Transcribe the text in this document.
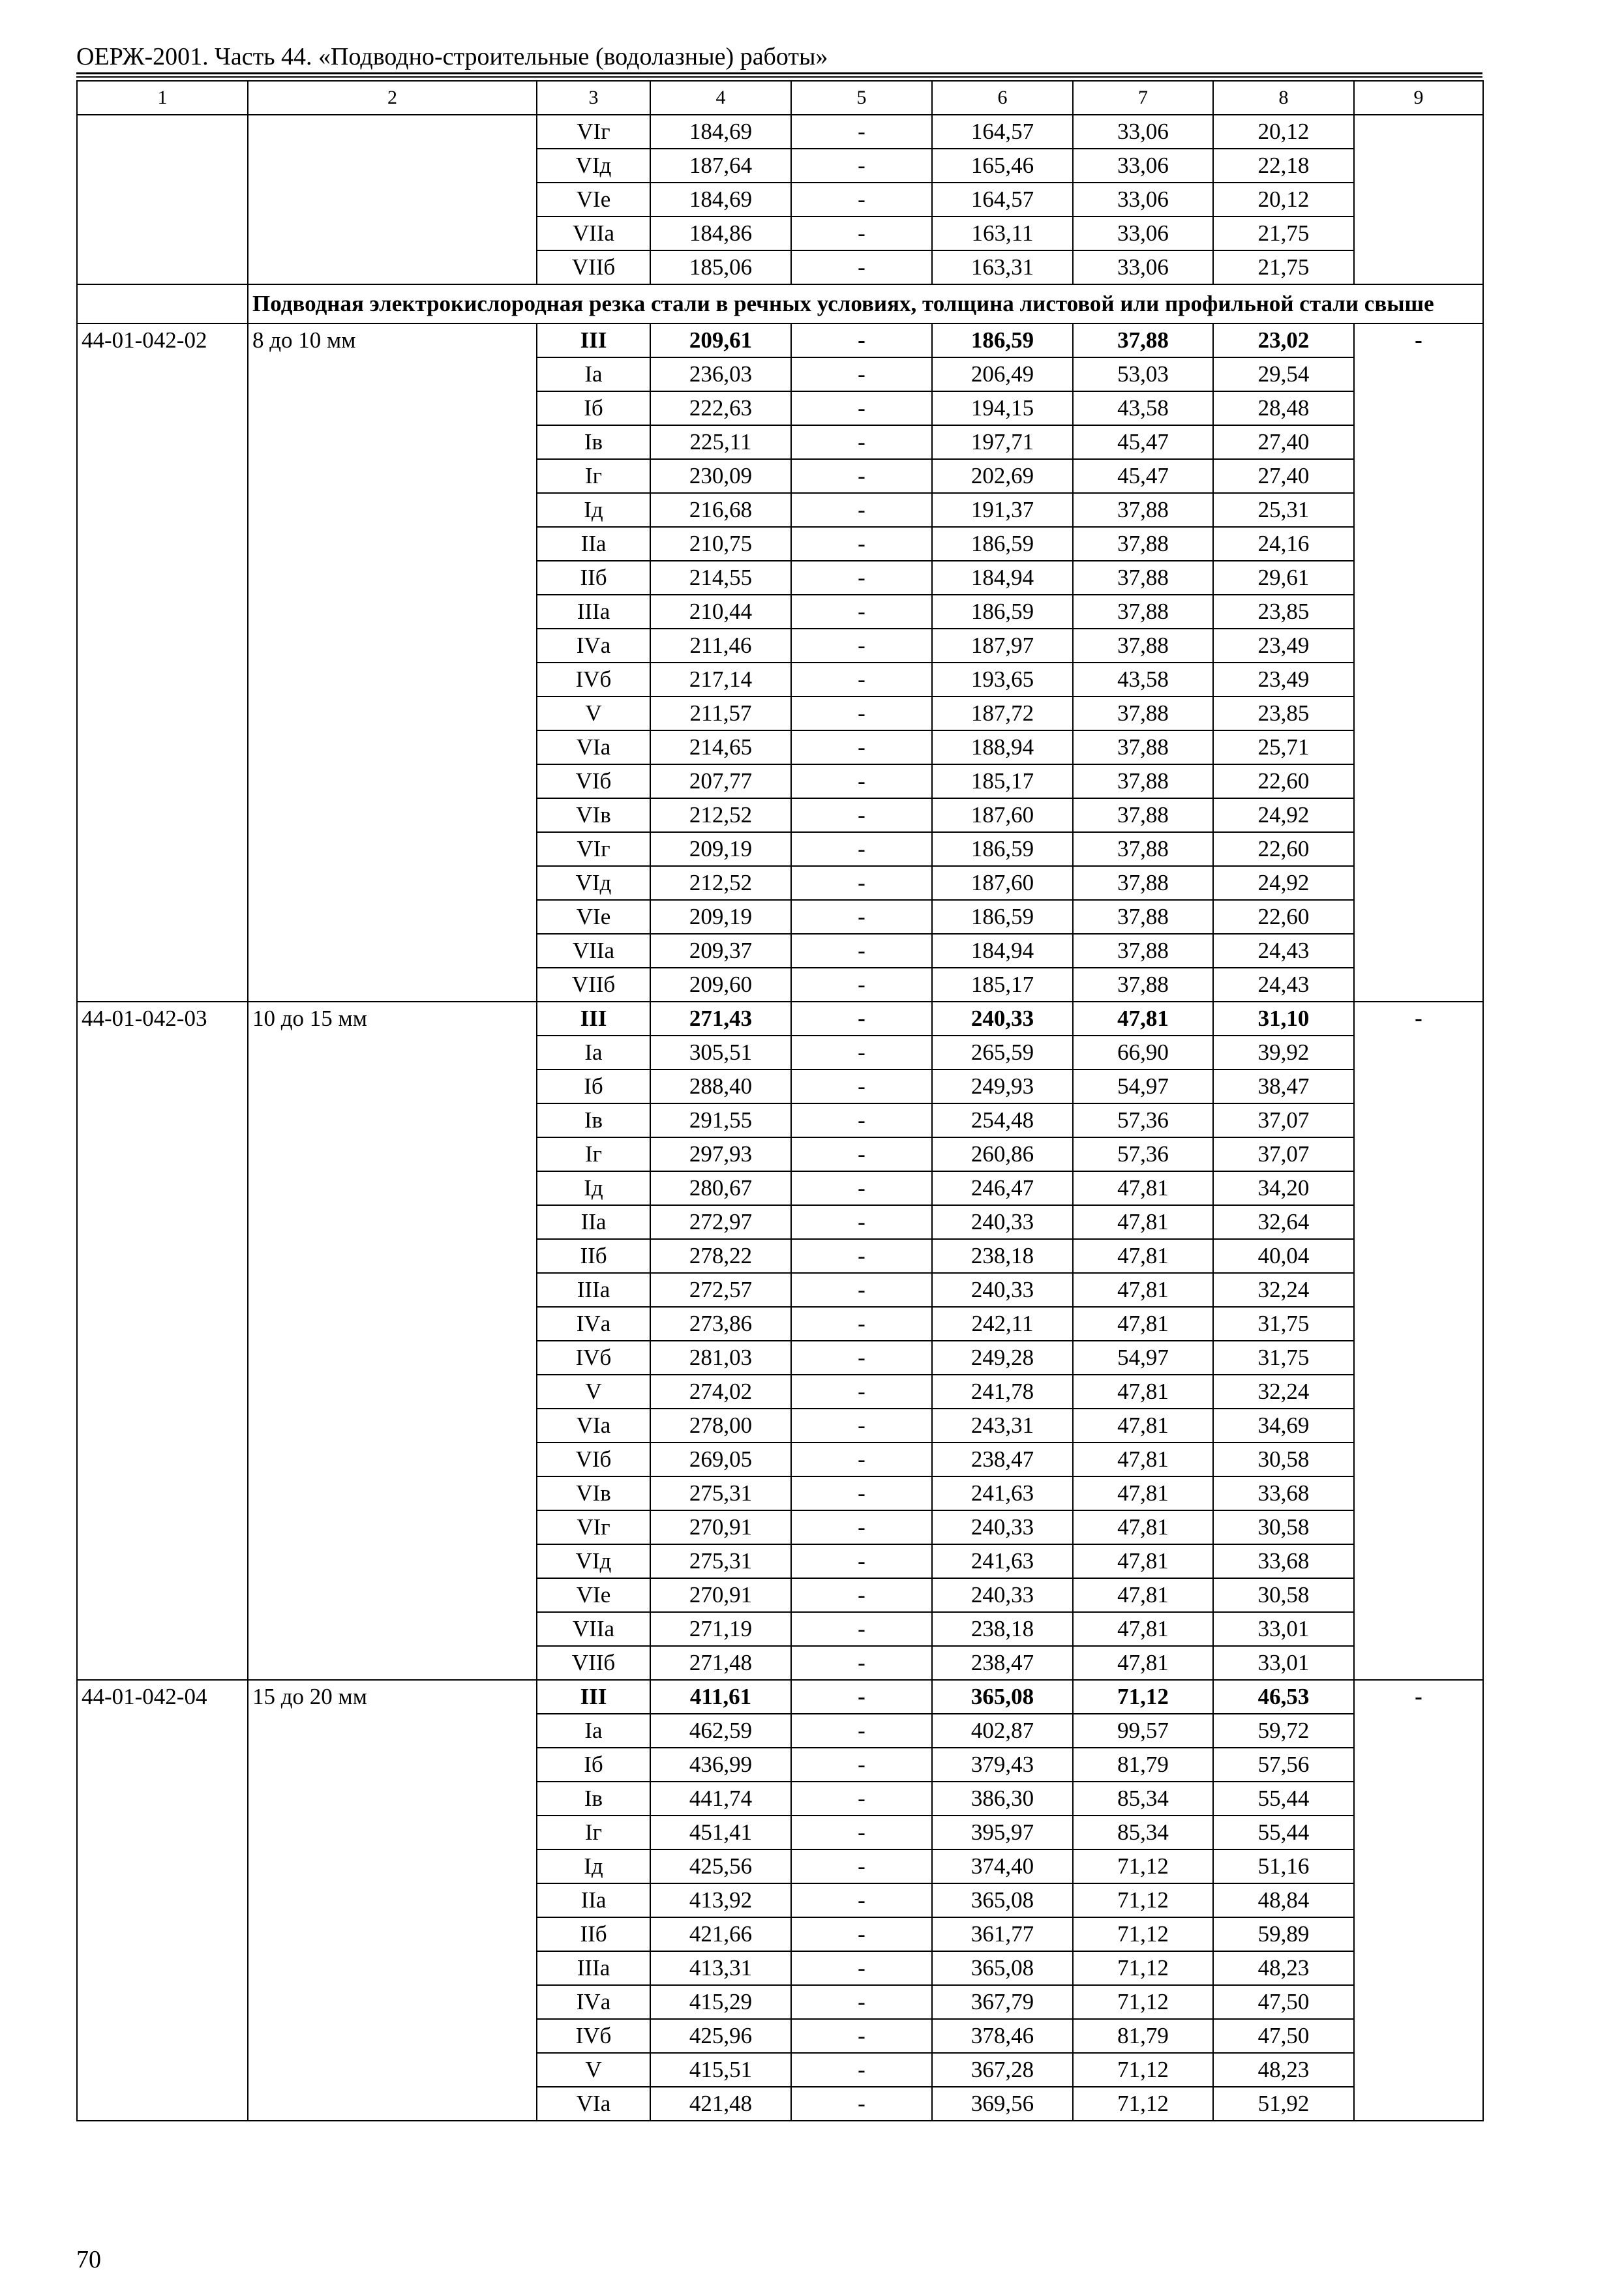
ОЕРЖ-2001. Часть 44. «Подводно-строительные (водолазные) работы»
1	2	3	4	5	6	7	8	9
		VIг	184,69	-	164,57	33,06	20,12	
		VIд	187,64	-	165,46	33,06	22,18	
		VIе	184,69	-	164,57	33,06	20,12	
		VIIа	184,86	-	163,11	33,06	21,75	
		VIIб	185,06	-	163,31	33,06	21,75	
	Подводная электрокислородная резка стали в речных условиях, толщина листовой или профильной стали свыше							
44-01-042-02	8 до 10 мм	III	209,61	-	186,59	37,88	23,02	-
		Iа	236,03	-	206,49	53,03	29,54	
		Iб	222,63	-	194,15	43,58	28,48	
		Iв	225,11	-	197,71	45,47	27,40	
		Iг	230,09	-	202,69	45,47	27,40	
		Iд	216,68	-	191,37	37,88	25,31	
		IIа	210,75	-	186,59	37,88	24,16	
		IIб	214,55	-	184,94	37,88	29,61	
		IIIа	210,44	-	186,59	37,88	23,85	
		IVа	211,46	-	187,97	37,88	23,49	
		IVб	217,14	-	193,65	43,58	23,49	
		V	211,57	-	187,72	37,88	23,85	
		VIа	214,65	-	188,94	37,88	25,71	
		VIб	207,77	-	185,17	37,88	22,60	
		VIв	212,52	-	187,60	37,88	24,92	
		VIг	209,19	-	186,59	37,88	22,60	
		VIд	212,52	-	187,60	37,88	24,92	
		VIе	209,19	-	186,59	37,88	22,60	
		VIIа	209,37	-	184,94	37,88	24,43	
		VIIб	209,60	-	185,17	37,88	24,43	
44-01-042-03	10 до 15 мм	III	271,43	-	240,33	47,81	31,10	-
		Iа	305,51	-	265,59	66,90	39,92	
		Iб	288,40	-	249,93	54,97	38,47	
		Iв	291,55	-	254,48	57,36	37,07	
		Iг	297,93	-	260,86	57,36	37,07	
		Iд	280,67	-	246,47	47,81	34,20	
		IIа	272,97	-	240,33	47,81	32,64	
		IIб	278,22	-	238,18	47,81	40,04	
		IIIа	272,57	-	240,33	47,81	32,24	
		IVа	273,86	-	242,11	47,81	31,75	
		IVб	281,03	-	249,28	54,97	31,75	
		V	274,02	-	241,78	47,81	32,24	
		VIа	278,00	-	243,31	47,81	34,69	
		VIб	269,05	-	238,47	47,81	30,58	
		VIв	275,31	-	241,63	47,81	33,68	
		VIг	270,91	-	240,33	47,81	30,58	
		VIд	275,31	-	241,63	47,81	33,68	
		VIе	270,91	-	240,33	47,81	30,58	
		VIIа	271,19	-	238,18	47,81	33,01	
		VIIб	271,48	-	238,47	47,81	33,01	
44-01-042-04	15 до 20 мм	III	411,61	-	365,08	71,12	46,53	-
		Iа	462,59	-	402,87	99,57	59,72	
		Iб	436,99	-	379,43	81,79	57,56	
		Iв	441,74	-	386,30	85,34	55,44	
		Iг	451,41	-	395,97	85,34	55,44	
		Iд	425,56	-	374,40	71,12	51,16	
		IIа	413,92	-	365,08	71,12	48,84	
		IIб	421,66	-	361,77	71,12	59,89	
		IIIа	413,31	-	365,08	71,12	48,23	
		IVа	415,29	-	367,79	71,12	47,50	
		IVб	425,96	-	378,46	81,79	47,50	
		V	415,51	-	367,28	71,12	48,23	
		VIа	421,48	-	369,56	71,12	51,92	
70
